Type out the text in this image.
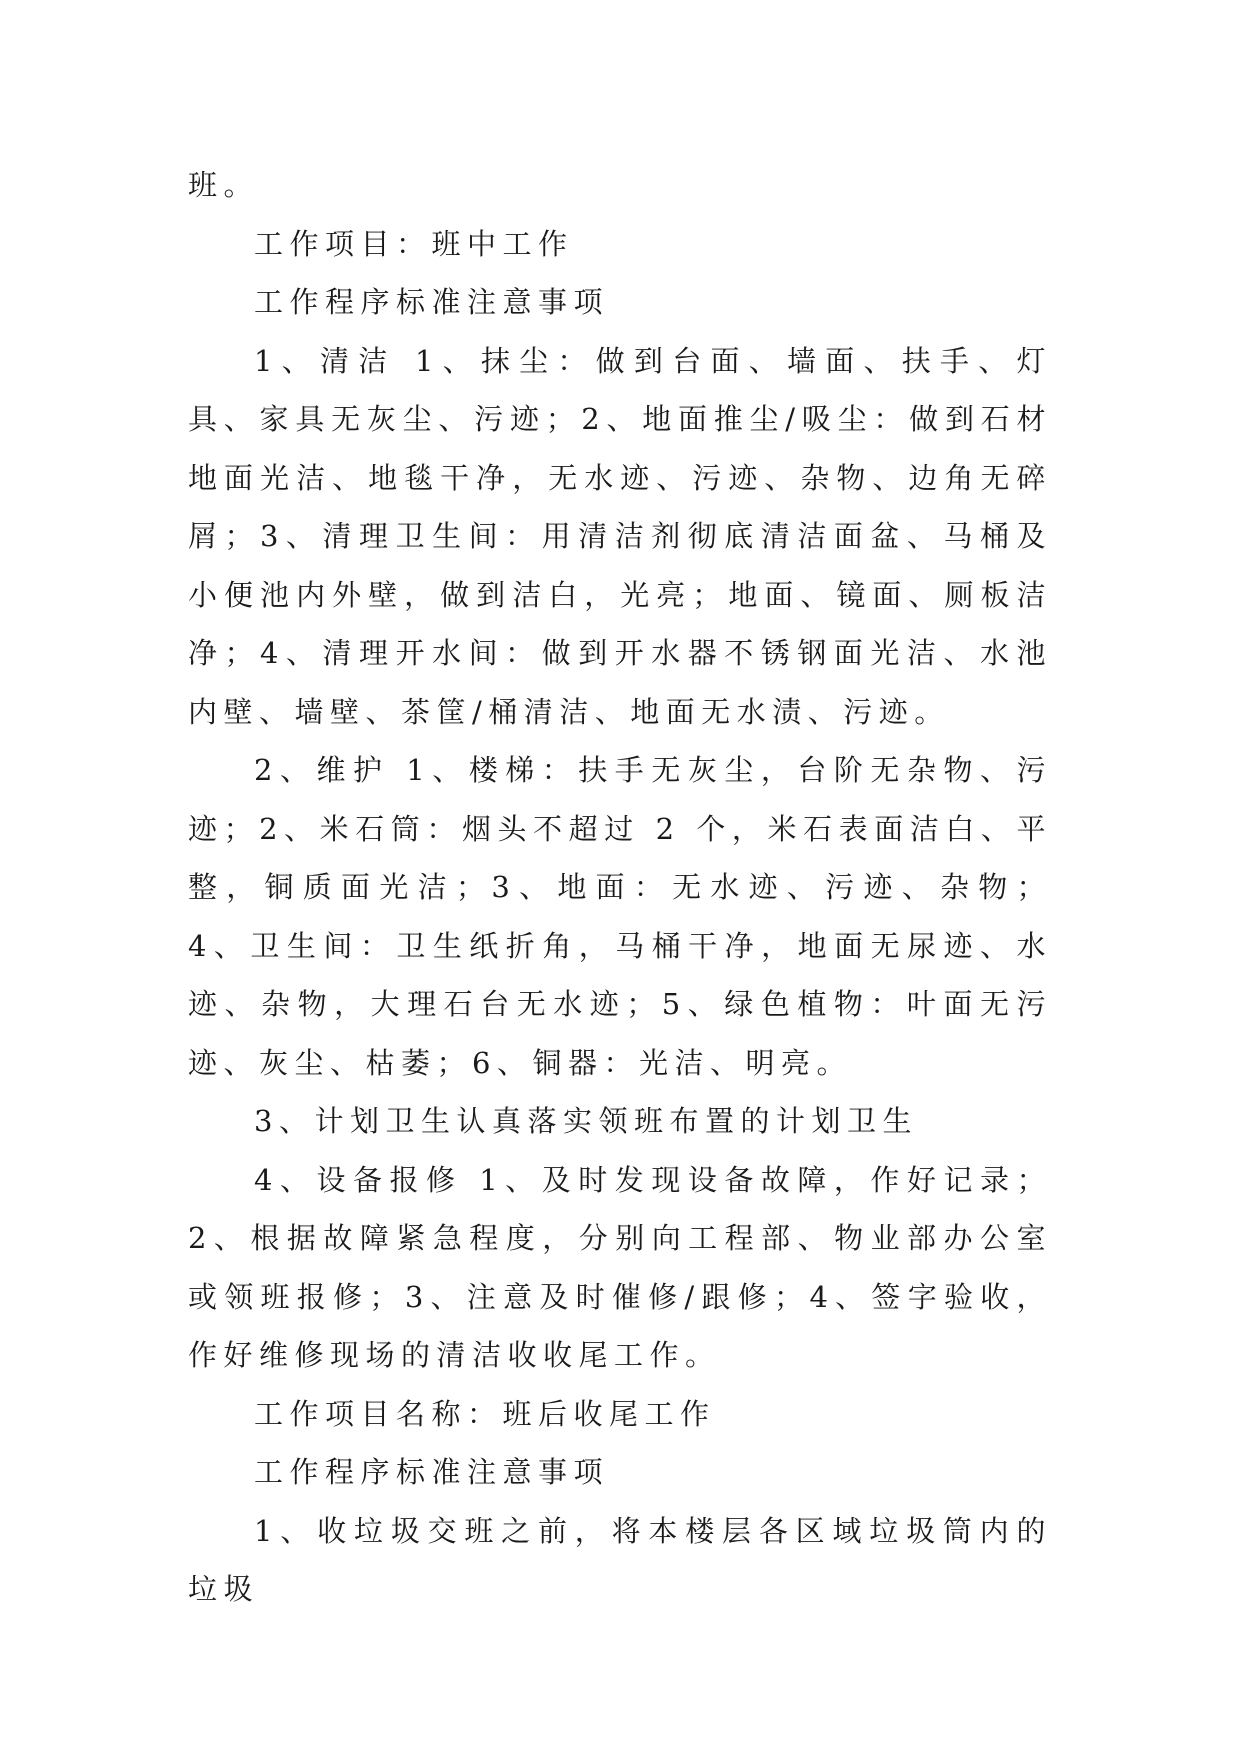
班。

工作项目：班中工作

工作程序标准注意事项

1、清洁 1、抹尘：做到台面、墙面、扶手、灯具、家具无灰尘、污迹；2、地面推尘/吸尘：做到石材地面光洁、地毯干净，无水迹、污迹、杂物、边角无碎屑；3、清理卫生间：用清洁剂彻底清洁面盆、马桶及小便池内外壁，做到洁白，光亮；地面、镜面、厕板洁净；4、清理开水间：做到开水器不锈钢面光洁、水池内壁、墙壁、茶筐/桶清洁、地面无水渍、污迹。

2、维护 1、楼梯：扶手无灰尘，台阶无杂物、污迹；2、米石筒：烟头不超过 2 个，米石表面洁白、平整，铜质面光洁；3、地面：无水迹、污迹、杂物；4、卫生间：卫生纸折角，马桶干净，地面无尿迹、水迹、杂物，大理石台无水迹；5、绿色植物：叶面无污迹、灰尘、枯萎；6、铜器：光洁、明亮。

3、计划卫生认真落实领班布置的计划卫生

4、设备报修 1、及时发现设备故障，作好记录；2、根据故障紧急程度，分别向工程部、物业部办公室或领班报修；3、注意及时催修/跟修；4、签字验收，作好维修现场的清洁收收尾工作。

工作项目名称：班后收尾工作

工作程序标准注意事项

1、收垃圾交班之前，将本楼层各区域垃圾筒内的垃圾
